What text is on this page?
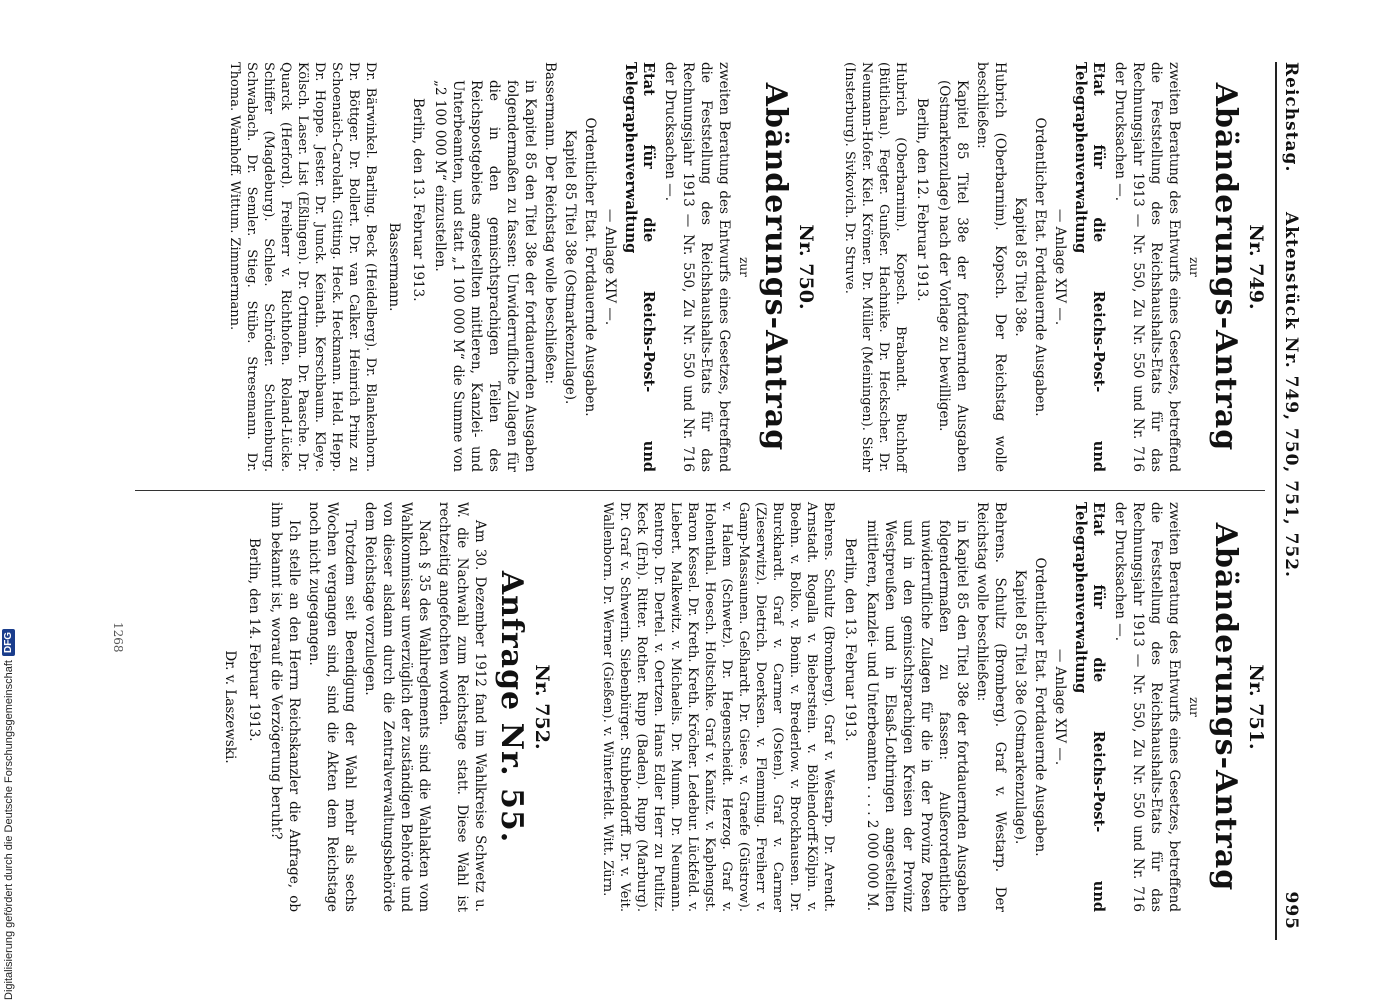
Reichstag.
Aktenstück Nr. 749, 750, 751, 752.
995
Nr. 749.
Abänderungs-Antrag
zur

zweiten Beratung des Entwurfs eines Gesetzes, betreffend die Feststellung des Reichshaushalts-Etats für das Rechnungsjahr 1913 — Nr. 550, Zu Nr. 550 und Nr. 716 der Drucksachen —.

Etat für die Reichs-Post- und Telegraphenverwaltung

— Anlage XIV —.

Ordentlicher Etat. Fortdauernde Ausgaben.

Kapitel 85 Titel 38e.

Hubrich (Oberbarnim). Kopsch. Der Reichstag wolle beschließen:

Kapitel 85 Titel 38e der fortdauernden Ausgaben (Ostmarkenzulage) nach der Vorlage zu bewilligen.

Berlin, den 12. Februar 1913.

Hubrich (Oberbarnim). Kopsch. Brabandt. Buchhoff (Bütlichau). Fegter. Gunßer. Hachnike. Dr. Heckscher. Dr. Neumann-Hofer. Kiel. Krömer. Dr. Müller (Meiningen). Siehr (Insterburg). Sivkovich. Dr. Struve.

Nr. 750.
Abänderungs-Antrag
zur

zweiten Beratung des Entwurfs eines Gesetzes, betreffend die Feststellung des Reichshaushalts-Etats für das Rechnungsjahr 1913 — Nr. 550, Zu Nr. 550 und Nr. 716 der Drucksachen —.

Etat für die Reichs-Post- und Telegraphenverwaltung

— Anlage XIV —.

Ordentlicher Etat. Fortdauernde Ausgaben.

Kapitel 85 Titel 38e (Ostmarkenzulage).

Bassermann. Der Reichstag wolle beschließen:

in Kapitel 85 den Titel 38e der fortdauernden Ausgaben folgendermaßen zu fassen: Unwiderrufliche Zulagen für die in den gemischtsprachigen Teilen des Reichspostgebiets angestellten mittleren, Kanzlei- und Unterbeamten, und statt „1 100 000 M“ die Summe von „2 100 000 M“ einzustellen.

Berlin, den 13. Februar 1913.

Bassermann.

Dr. Bärwinkel. Barling. Beck (Heidelberg). Dr. Blankenhorn. Dr. Böttger. Dr. Bollert. Dr. van Calker. Heinrich Prinz zu Schoenaich-Carolath. Gitting. Heck. Heckmann. Held. Hepp. Dr. Hoppe. Jester. Dr. Junck. Keinath. Kerschbaum. Kleye. Kölsch. Laser. List (Eßlingen). Dr. Ortmann. Dr. Paasche. Dr. Quarck (Herford). Freiherr v. Richthofen. Roland-Lücke. Schiffer (Magdeburg). Schlee. Schröder. Schulenburg. Schwabach. Dr. Semler. Stieg. Stübe. Stresemann. Dr. Thoma. Wamhoff. Wittum. Zimmermann.

Nr. 751.
Abänderungs-Antrag
zur

zweiten Beratung des Entwurfs eines Gesetzes, betreffend die Feststellung des Reichshaushalts-Etats für das Rechnungsjahr 1913 — Nr. 550, Zu Nr. 550 und Nr. 716 der Drucksachen —.

Etat für die Reichs-Post- und Telegraphenverwaltung

— Anlage XIV —.

Ordentlicher Etat. Fortdauernde Ausgaben.

Kapitel 85 Titel 38e (Ostmarkenzulage).

Behrens. Schultz (Bromberg). Graf v. Westarp. Der Reichstag wolle beschließen:

in Kapitel 85 den Titel 38e der fortdauernden Ausgaben folgendermaßen zu fassen: Außerordentliche unwiderrufliche Zulagen für die in der Provinz Posen und in den gemischtsprachigen Kreisen der Provinz Westpreußen und in Elsaß-Lothringen angestellten mittleren, Kanzlei- und Unterbeamten . . . . 2 000 000 M.

Berlin, den 13. Februar 1913.

Behrens. Schultz (Bromberg). Graf v. Westarp. Dr. Arendt. Arnstadt. Rogalla v. Bieberstein. v. Böhlendorff-Kölpin. v. Boehn. v. Bolko. v. Bonin. v. Brederlow. v. Brockhausen. Dr. Burckhardt. Graf v. Carmer (Osten). Graf v. Carmer (Zieserwitz). Dietrich. Doerksen. v. Flemming. Freiherr v. Gamp-Massaunen. Geßhardt. Dr. Giese. v. Graefe (Güstrow). v. Halem (Schwetz). Dr. Hegenscheidt. Herzog. Graf v. Hohenthal. Hoesch. Holtschke. Graf v. Kanitz. v. Kaphengst. Baron Kessel. Dr. Kreth. Kreth. Kröcher. Ledebur. Lückfeld. v. Liebert. Malkewitz. v. Michaelis. Dr. Mumm. Dr. Neumann. Rentrop. Dr. Dertel. v. Oertzen. Hans Edler Herr zu Putlitz. Keck (Erh). Ritter. Rother. Rupp (Baden). Rupp (Marburg). Dr. Graf v. Schwerin. Siebenbürger. Stubbendorff. Dr. v. Veit. Wallenborn. Dr. Werner (Gießen). v. Winterfeldt. Witt. Zürn.

Nr. 752.
Anfrage Nr. 55.

Am 30. Dezember 1912 fand im Wahlkreise Schwetz u. W. die Nachwahl zum Reichstage statt. Diese Wahl ist rechtzeitig angefochten worden.

Nach § 35 des Wahlreglements sind die Wahlakten vom Wahlkommissar unverzüglich der zuständigen Behörde und von dieser alsdann durch die Zentralverwaltungsbehörde dem Reichstage vorzulegen.

Trotzdem seit Beendigung der Wahl mehr als sechs Wochen vergangen sind, sind die Akten dem Reichstage noch nicht zugegangen.

Ich stelle an den Herrn Reichskanzler die Anfrage, ob ihm bekannt ist, worauf die Verzögerung beruht?

Berlin, den 14. Februar 1913.

Dr. v. Laszewski.

1268
Digitalisierung gefördert durch die Deutsche Forschungsgemeinschaft
DFG
